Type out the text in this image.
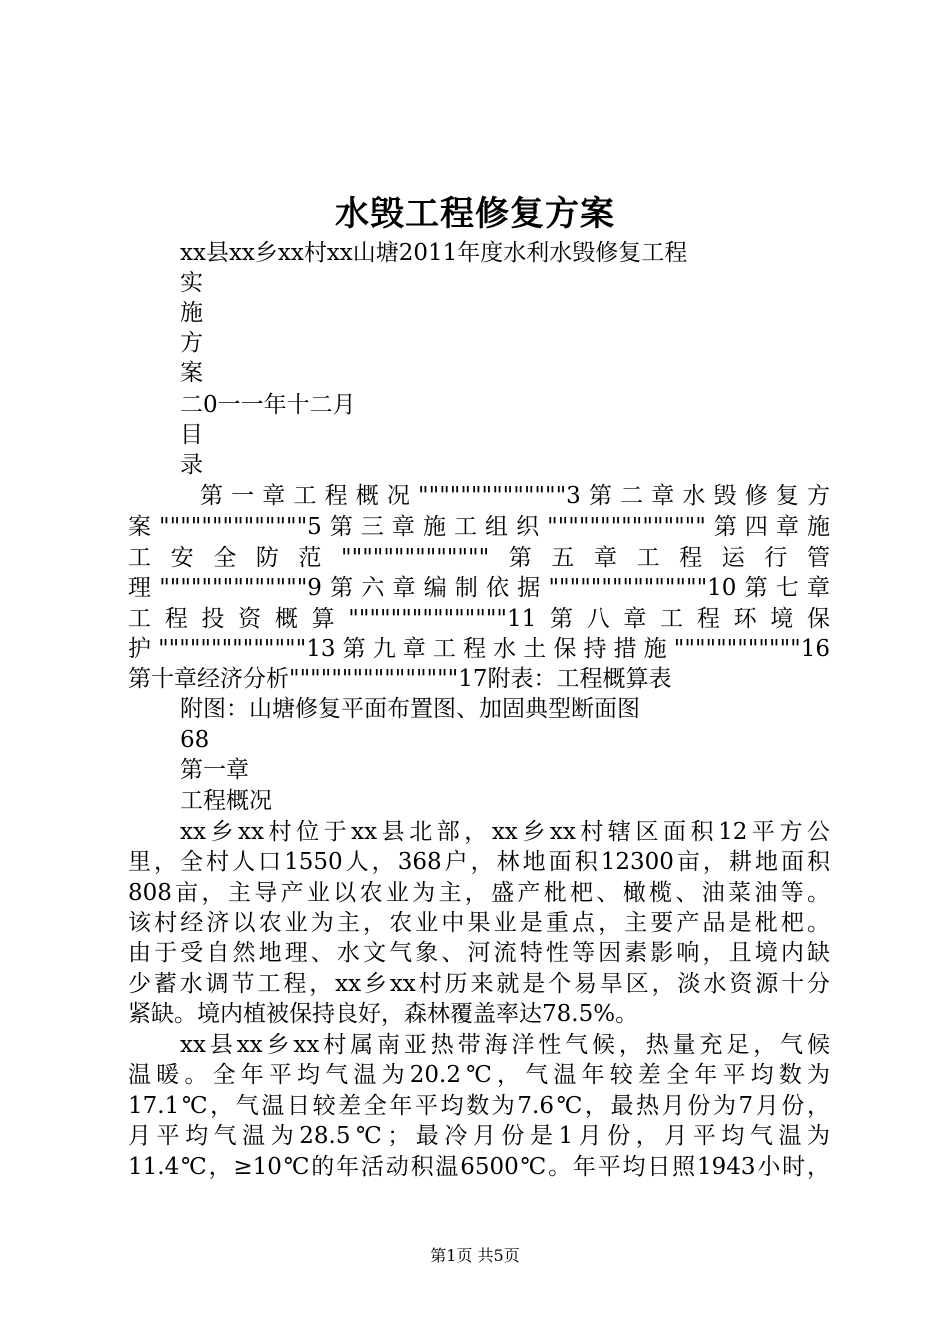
水毁工程修复方案
xx县xx乡xx村xx山塘2011年度水利水毁修复工程
实
施
方
案
二0一一年十二月
目
录
第一章工程概况""""""""""""""3第二章水毁修复方
案""""""""""""""5第三章施工组织"""""""""""""""第四章施
工安全防范""""""""""""""第五章工程运行管
理""""""""""""""9第六章编制依据"""""""""""""""10第七章
工程投资概算"""""""""""""""11第八章工程环境保
护""""""""""""""13第九章工程水土保持措施""""""""""""16
第十章经济分析""""""""""""""""17附表：工程概算表
附图：山塘修复平面布置图、加固典型断面图
68
第一章
工程概况
xx乡xx村位于xx县北部，xx乡xx村辖区面积12平方公
里，全村人口1550人，368户，林地面积12300亩，耕地面积
808亩，主导产业以农业为主，盛产枇杷、橄榄、油菜油等。
该村经济以农业为主，农业中果业是重点，主要产品是枇杷。
由于受自然地理、水文气象、河流特性等因素影响，且境内缺
少蓄水调节工程，xx乡xx村历来就是个易旱区，淡水资源十分
紧缺。境内植被保持良好，森林覆盖率达78.5%。
xx县xx乡xx村属南亚热带海洋性气候，热量充足，气候
温暖。全年平均气温为20.2℃，气温年较差全年平均数为
17.1℃，气温日较差全年平均数为7.6℃，最热月份为7月份，
月平均气温为28.5℃；最冷月份是1月份，月平均气温为
11.4℃，≥10℃的年活动积温6500℃。年平均日照1943小时，
第1页 共5页
